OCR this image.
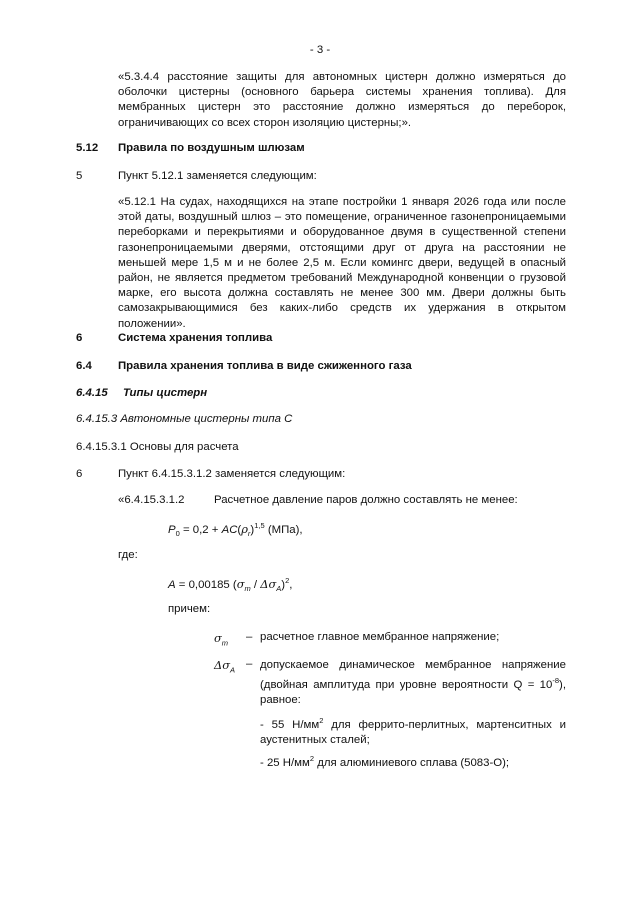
- 3 -
«5.3.4.4 расстояние защиты для автономных цистерн должно измеряться до оболочки цистерны (основного барьера системы хранения топлива). Для мембранных цистерн это расстояние должно измеряться до переборок, ограничивающих со всех сторон изоляцию цистерны;».
5.12 Правила по воздушным шлюзам
5	Пункт 5.12.1 заменяется следующим:
«5.12.1 На судах, находящихся на этапе постройки 1 января 2026 года или после этой даты, воздушный шлюз – это помещение, ограниченное газонепроницаемыми переборками и перекрытиями и оборудованное двумя в существенной степени газонепроницаемыми дверями, отстоящими друг от друга на расстоянии не меньшей мере 1,5 м и не более 2,5 м. Если комингс двери, ведущей в опасный район, не является предметом требований Международной конвенции о грузовой марке, его высота должна составлять не менее 300 мм. Двери должны быть самозакрывающимися без каких-либо средств их удержания в открытом положении».
6	Система хранения топлива
6.4 Правила хранения топлива в виде сжиженного газа
6.4.15 Типы цистерн
6.4.15.3 Автономные цистерны типа С
6.4.15.3.1 Основы для расчета
6	Пункт 6.4.15.3.1.2 заменяется следующим:
«6.4.15.3.1.2	Расчетное давление паров должно составлять не менее:
$P_0 = 0,2 + AC(\rho_r)^{1,5}$ (МПа),
где:
A = 0,00185 $(\sigma_m / \Delta\sigma_A)^2$,
причем:
$\sigma_m$ – расчетное главное мембранное напряжение;
$\Delta\sigma_A$ – допускаемое динамическое мембранное напряжение (двойная амплитуда при уровне вероятности $Q = 10^{-8}$), равное:
- 55 $Н/мм^2$ для феррито-перлитных, мартенситных и аустенитных сталей;
- 25 $Н/мм^2$ для алюминиевого сплава (5083-О);
